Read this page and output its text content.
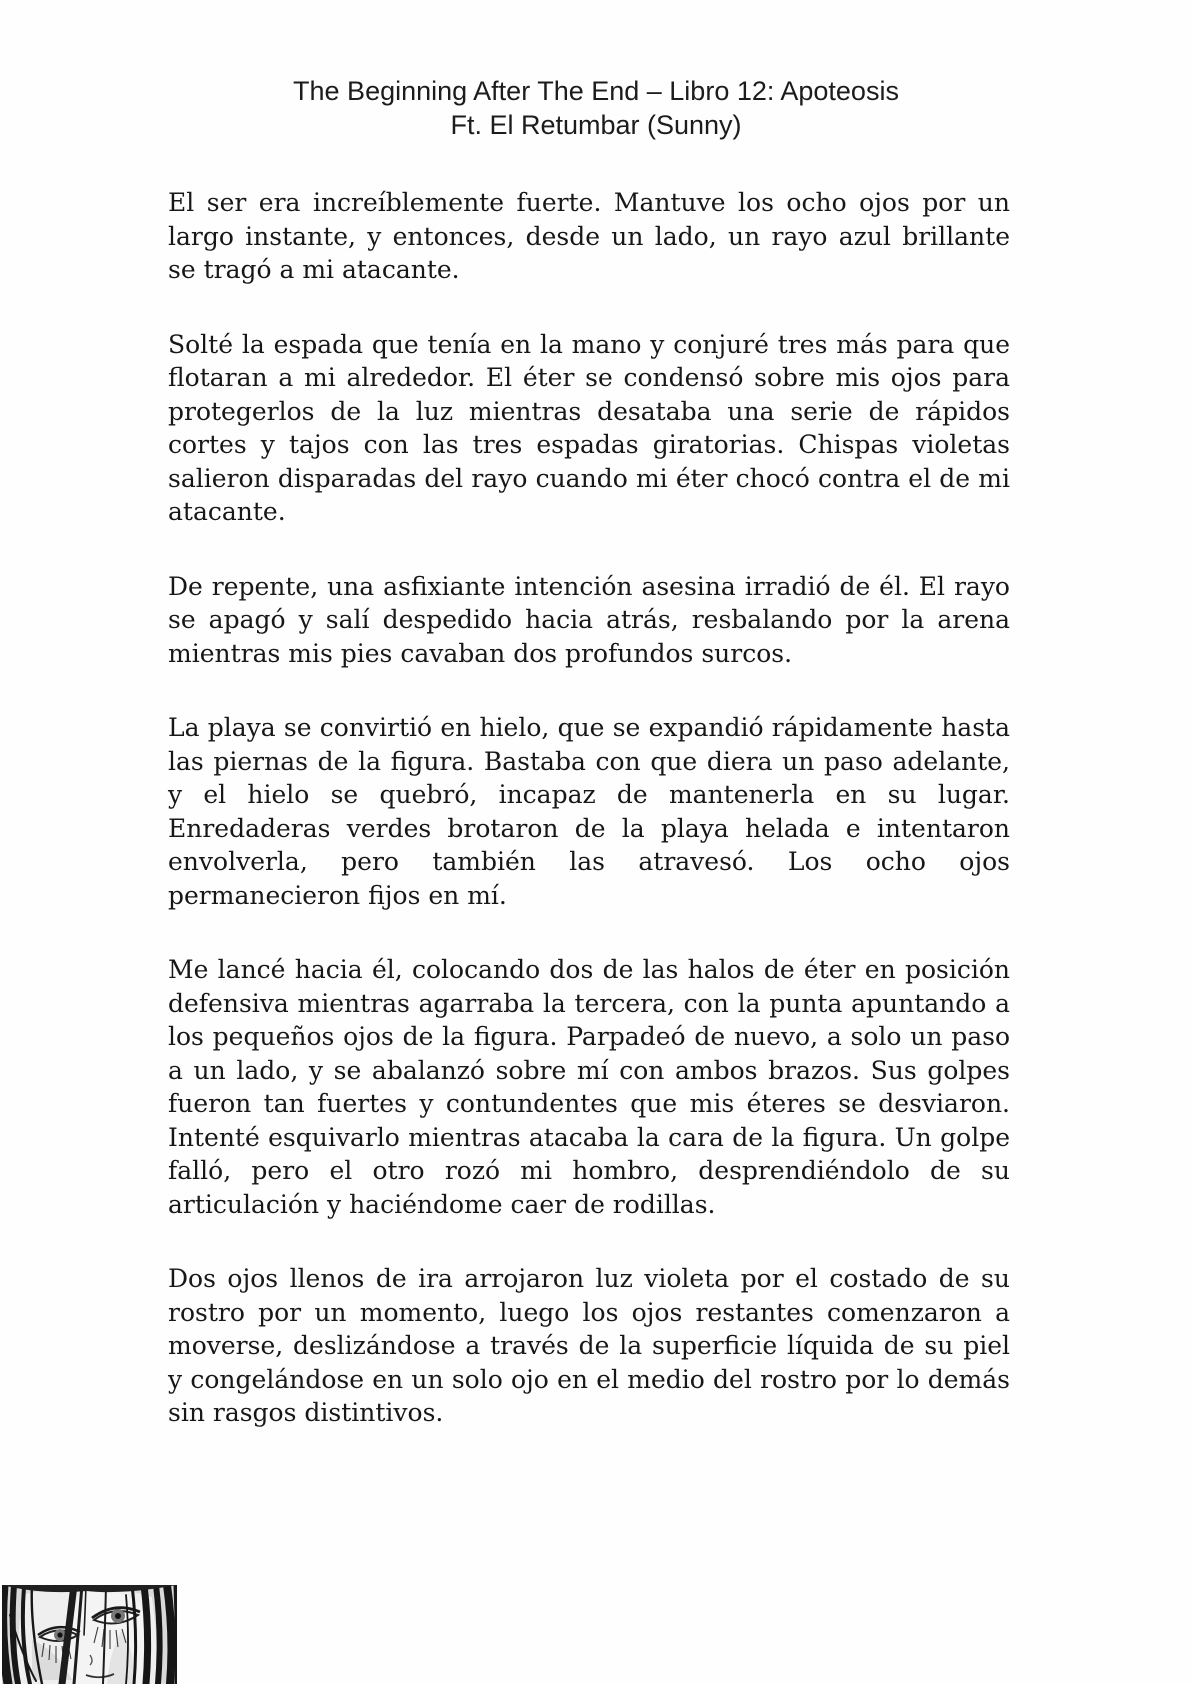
The Beginning After The End – Libro 12: Apoteosis
Ft. El Retumbar (Sunny)

El ser era increíblemente fuerte. Mantuve los ocho ojos por un largo instante, y entonces, desde un lado, un rayo azul brillante se tragó a mi atacante.

Solté la espada que tenía en la mano y conjuré tres más para que flotaran a mi alrededor. El éter se condensó sobre mis ojos para protegerlos de la luz mientras desataba una serie de rápidos cortes y tajos con las tres espadas giratorias. Chispas violetas salieron disparadas del rayo cuando mi éter chocó contra el de mi atacante.

De repente, una asfixiante intención asesina irradió de él. El rayo se apagó y salí despedido hacia atrás, resbalando por la arena mientras mis pies cavaban dos profundos surcos.

La playa se convirtió en hielo, que se expandió rápidamente hasta las piernas de la figura. Bastaba con que diera un paso adelante, y el hielo se quebró, incapaz de mantenerla en su lugar. Enredaderas verdes brotaron de la playa helada e intentaron envolverla, pero también las atravesó. Los ocho ojos permanecieron fijos en mí.

Me lancé hacia él, colocando dos de las halos de éter en posición defensiva mientras agarraba la tercera, con la punta apuntando a los pequeños ojos de la figura. Parpadeó de nuevo, a solo un paso a un lado, y se abalanzó sobre mí con ambos brazos. Sus golpes fueron tan fuertes y contundentes que mis éteres se desviaron. Intenté esquivarlo mientras atacaba la cara de la figura. Un golpe falló, pero el otro rozó mi hombro, desprendiéndolo de su articulación y haciéndome caer de rodillas.

Dos ojos llenos de ira arrojaron luz violeta por el costado de su rostro por un momento, luego los ojos restantes comenzaron a moverse, deslizándose a través de la superficie líquida de su piel y congelándose en un solo ojo en el medio del rostro por lo demás sin rasgos distintivos.
